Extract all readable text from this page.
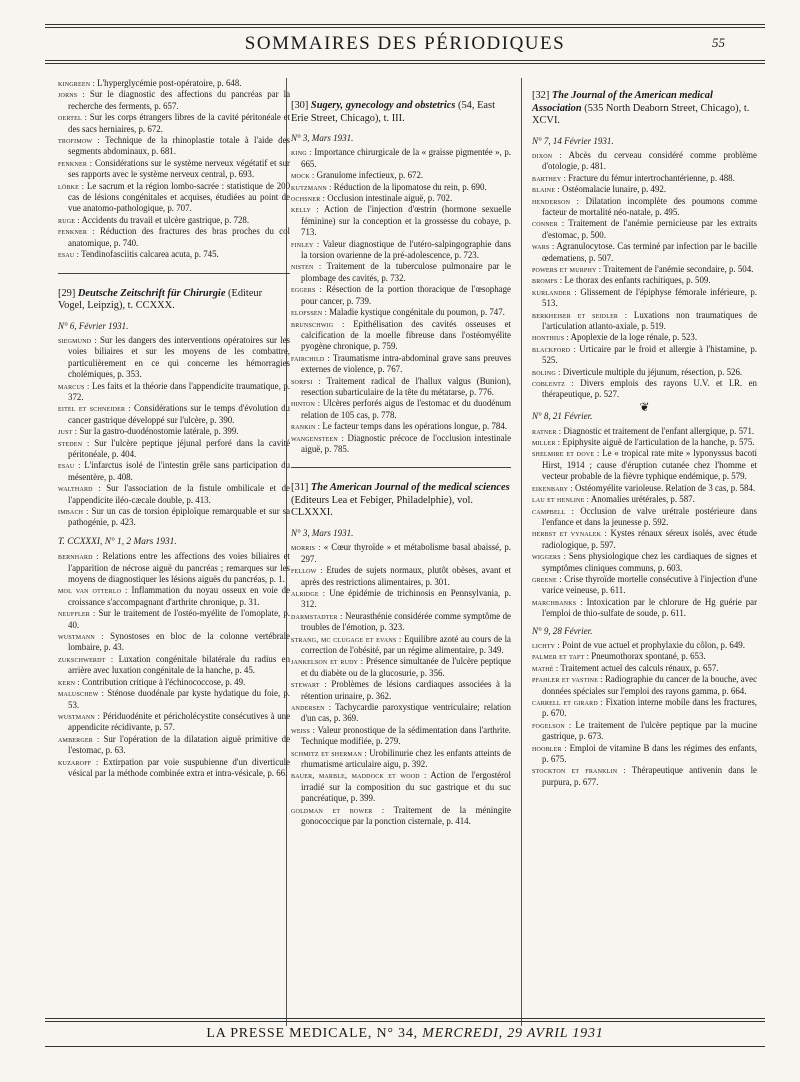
SOMMAIRES DES PÉRIODIQUES	55
kingreen : L'hyperglycémie post-opératoire, p. 648.
jorns : Sur le diagnostic des affections du pancréas par la recherche des ferments, p. 657.
oertel : Sur les corps étrangers libres de la cavité péritonéale et des sacs herniaires, p. 672.
trofimow : Technique de la rhinoplastie totale à l'aide des segments abdominaux, p. 681.
fenkner : Considérations sur le système nerveux végétatif et sur ses rapports avec le système nerveux central, p. 693.
löbke : Le sacrum et la région lombo-sacrée : statistique de 200 cas de lésions congénitales et acquises, étudiées au point de vue anatomo-pathologique, p. 707.
ruge : Accidents du travail et ulcère gastrique, p. 728.
fenkner : Réduction des fractures des bras proches du col anatomique, p. 740.
esau : Tendinofasciitis calcarea acuta, p. 745.
[29] Deutsche Zeitschrift für Chirurgie (Editeur Vogel, Leipzig), t. CCXXX.
N° 6, Février 1931.
siegmund : Sur les dangers des interventions opératoires sur les voies biliaires et sur les moyens de les combattre, particulièrement en ce qui concerne les hémorragies cholémiques, p. 353.
marcus : Les faits et la théorie dans l'appendicite traumatique, p. 372.
eitel et schneider : Considérations sur le temps d'évolution du cancer gastrique développé sur l'ulcère, p. 390.
just : Sur la gastro-duodénostomie latérale, p. 399.
steden : Sur l'ulcère peptique jéjunal perforé dans la cavité péritonéale, p. 404.
esau : L'infarctus isolé de l'intestin grêle sans participation du mésentère, p. 408.
walthard : Sur l'association de la fistule ombilicale et de l'appendicite iléo-cæcale double, p. 413.
imbach : Sur un cas de torsion épiploïque remarquable et sur sa pathogénie, p. 423.
T. CCXXXI, N° 1, 2 Mars 1931.
bernhard : Relations entre les affections des voies biliaires et l'apparition de nécrose aiguë du pancréas ; remarques sur les moyens de diagnostiquer les lésions aiguës du pancréas, p. 1.
mol van otterlo : Inflammation du noyau osseux en voie de croissance s'accompagnant d'arthrite chronique, p. 31.
neuffler : Sur le traitement de l'ostéo-myélite de l'omoplate, p. 40.
wustmann : Synostoses en bloc de la colonne vertébrale lombaire, p. 43.
zukschwerdt : Luxation congénitale bilatérale du radius en arrière avec luxation congénitale de la hanche, p. 45.
kern : Contribution critique à l'échinococcose, p. 49.
maluschew : Sténose duodénale par kyste hydatique du foie, p. 53.
wustmann : Périduodénite et péricholécystite consécutives à une appendicite récidivante, p. 57.
amberger : Sur l'opération de la dilatation aiguë primitive de l'estomac, p. 63.
kuzaroff : Extirpation par voie suspubienne d'un diverticule vésical par la méthode combinée extra et intra-vésicale, p. 66.
[30] Sugery, gynecology and obstetrics (54, East Erie Street, Chicago), t. III.
N° 3, Mars 1931.
king : Importance chirurgicale de la « graisse pigmentée », p. 665.
mock : Granulome infectieux, p. 672.
kutzmann : Réduction de la lipomatose du rein, p. 690.
ochsner : Occlusion intestinale aiguë, p. 702.
kelly : Action de l'injection d'œstrin (hormone sexuelle féminine) sur la conception et la grossesse du cobaye, p. 713.
finley : Valeur diagnostique de l'utéro-salpingographie dans la torsion ovarienne de la pré-adolescence, p. 723.
nisten : Traitement de la tuberculose pulmonaire par le plombage des cavités, p. 732.
eggers : Résection de la portion thoracique de l'œsophage pour cancer, p. 739.
elofssen : Maladie kystique congénitale du poumon, p. 747.
brunschwig : Epithélisation des cavités osseuses et calcification de la moelle fibreuse dans l'ostéomyélite pyogène chronique, p. 759.
fairchild : Traumatisme intra-abdominal grave sans preuves externes de violence, p. 767.
sorfsi : Traitement radical de l'hallux valgus (Bunion), resection subarticulaire de la tête du métatarse, p. 776.
hinton : Ulcères perforés aigus de l'estomac et du duodénum relation de 105 cas, p. 778.
rankin : Le facteur temps dans les opérations longue, p. 784.
wangensteen : Diagnostic précoce de l'occlusion intestinale aiguë, p. 785.
[31] The American Journal of the medical sciences (Editeurs Lea et Febiger, Philadelphie), vol. CLXXXI.
N° 3, Mars 1931.
morris : « Cœur thyroïde » et métabolisme basal abaissé, p. 297.
fellow : Etudes de sujets normaux, plutôt obèses, avant et après des restrictions alimentaires, p. 301.
alridge : Une épidémie de trichinosis en Pennsylvania, p. 312.
darmstadter : Neurasthénie considérée comme symptôme de troubles de l'émotion, p. 323.
strang, mc clugage et evans : Equilibre azoté au cours de la correction de l'obésité, par un régime alimentaire, p. 349.
jankelson et rudy : Présence simultanée de l'ulcère peptique et du diabète ou de la glucosurie, p. 356.
stewart : Problèmes de lésions cardiaques associées à la rétention urinaire, p. 362.
andersen : Tachycardie paroxystique ventriculaire; relation d'un cas, p. 369.
weiss : Valeur pronostique de la sédimentation dans l'arthrite. Technique modifiée, p. 279.
schmitz et sherman : Urobilinurie chez les enfants atteints de rhumatisme articulaire aigu, p. 392.
bauer, marble, maddock et wood : Action de l'ergostérol irradié sur la composition du suc gastrique et du suc pancréatique, p. 399.
goldman et bower : Traitement de la méningite gonococcique par la ponction cisternale, p. 414.
[32] The Journal of the American medical Association (535 North Deaborn Street, Chicago), t. XCVI.
N° 7, 14 Février 1931.
dixon : Abcès du cerveau considéré comme problème d'otologie, p. 481.
barthey : Fracture du fémur intertrochantérienne, p. 488.
blaine : Ostéomalacie lunaire, p. 492.
henderson : Dilatation incomplète des poumons comme facteur de mortalité néo-natale, p. 495.
conner : Traitement de l'anémie pernicieuse par les extraits d'estomac, p. 500.
wars : Agranulocytose. Cas terminé par infection par le bacille œdematiens, p. 507.
powers et murphy : Traitement de l'anémie secondaire, p. 504.
bromfs : Le thorax des enfants rachitiques, p. 509.
kurlander : Glissement de l'épiphyse fémorale inférieure, p. 513.
berkheiser et seidler : Luxations non traumatiques de l'articulation atlanto-axiale, p. 519.
honthius : Apoplexie de la loge rénale, p. 523.
blackford : Urticaire par le froid et allergie à l'histamine, p. 525.
boling : Diverticule multiple du jéjunum, résection, p. 526.
coblentz : Divers emplois des rayons U.V. et I.R. en thérapeutique, p. 527.
❦
N° 8, 21 Février.
ratner : Diagnostic et traitement de l'enfant allergique, p. 571.
miller : Epiphysite aiguë de l'articulation de la hanche, p. 575.
shelmire et dove : Le « tropical rate mite » lyponyssus bacoti Hirst, 1914 ; cause d'éruption cutanée chez l'homme et vecteur probable de la fièvre typhique endémique, p. 579.
eikenbary : Ostéomyélite varioleuse. Relation de 3 cas, p. 584.
lau et henline : Anomalies urétérales, p. 587.
campbell : Occlusion de valve urétrale postérieure dans l'enfance et dans la jeunesse p. 592.
herbst et vynalek : Kystes rénaux séreux isolés, avec étude radiologique, p. 597.
wiggers : Sens physiologique chez les cardiaques de signes et symptômes cliniques communs, p. 603.
greene : Crise thyroïde mortelle consécutive à l'injection d'une varice veineuse, p. 611.
marchbanks : Intoxication par le chlorure de Hg guérie par l'emploi de thio-sulfate de soude, p. 611.
N° 9, 28 Février.
lichty : Point de vue actuel et prophylaxie du côlon, p. 649.
palmer et taft : Pneumothorax spontané, p. 653.
mathé : Traitement actuel des calculs rénaux, p. 657.
pfahler et vastine : Radiographie du cancer de la bouche, avec données spéciales sur l'emploi des rayons gamma, p. 664.
carrell et girard : Fixation interne mobile dans les fractures, p. 670.
fogelson : Le traitement de l'ulcère peptique par la mucine gastrique, p. 673.
hoobler : Emploi de vitamine B dans les régimes des enfants, p. 675.
stockton et franklin : Thérapeutique antivenin dans le purpura, p. 677.
LA PRESSE MEDICALE, N° 34, MERCREDI, 29 AVRIL 1931
